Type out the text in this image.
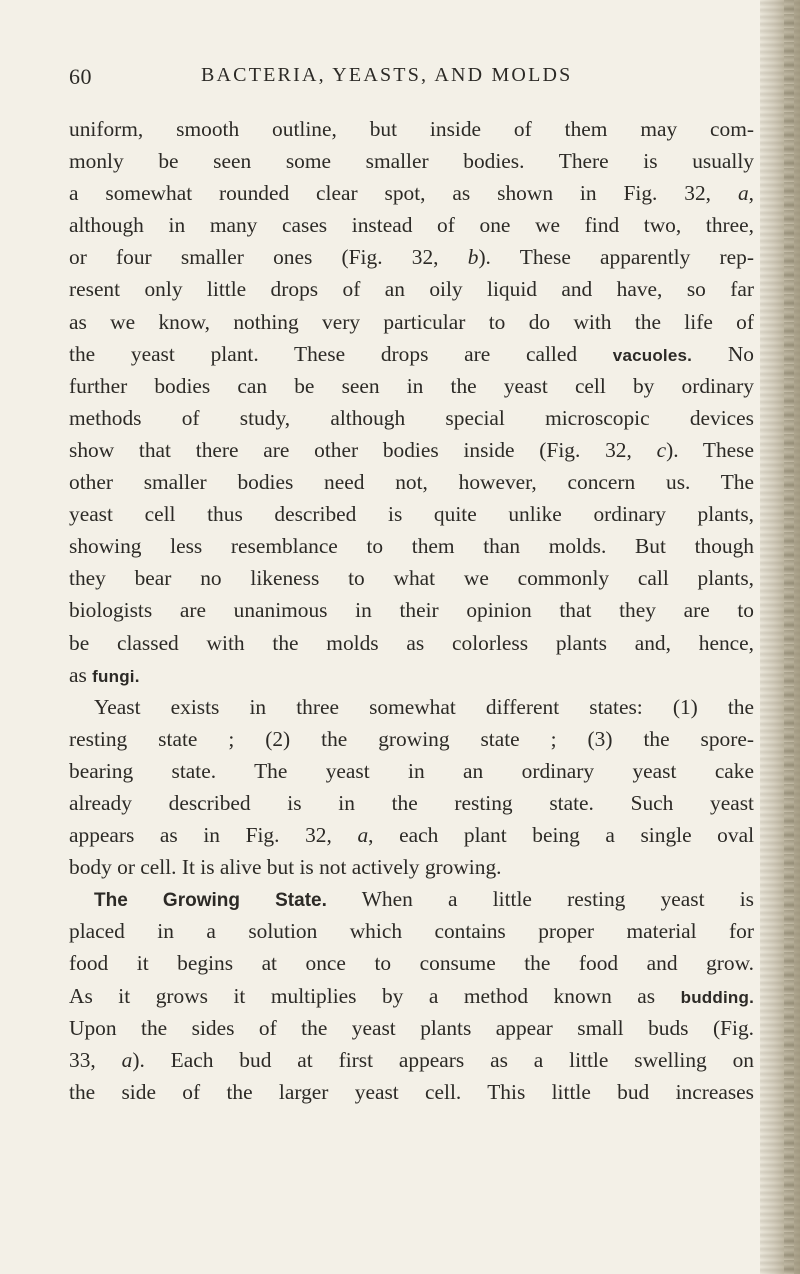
60	BACTERIA, YEASTS, AND MOLDS
uniform, smooth outline, but inside of them may com-
monly be seen some smaller bodies. There is usually
a somewhat rounded clear spot, as shown in Fig. 32, a,
although in many cases instead of one we find two, three,
or four smaller ones (Fig. 32, b). These apparently rep-
resent only little drops of an oily liquid and have, so far
as we know, nothing very particular to do with the life of
the yeast plant. These drops are called vacuoles. No
further bodies can be seen in the yeast cell by ordinary
methods of study, although special microscopic devices
show that there are other bodies inside (Fig. 32, c). These
other smaller bodies need not, however, concern us. The
yeast cell thus described is quite unlike ordinary plants,
showing less resemblance to them than molds. But though
they bear no likeness to what we commonly call plants,
biologists are unanimous in their opinion that they are to
be classed with the molds as colorless plants and, hence,
as fungi.
Yeast exists in three somewhat different states: (1) the
resting state ; (2) the growing state ; (3) the spore-
bearing state. The yeast in an ordinary yeast cake
already described is in the resting state. Such yeast
appears as in Fig. 32, a, each plant being a single oval
body or cell. It is alive but is not actively growing.
The Growing State. When a little resting yeast is
placed in a solution which contains proper material for
food it begins at once to consume the food and grow.
As it grows it multiplies by a method known as budding.
Upon the sides of the yeast plants appear small buds (Fig.
33, a). Each bud at first appears as a little swelling on
the side of the larger yeast cell. This little bud increases
